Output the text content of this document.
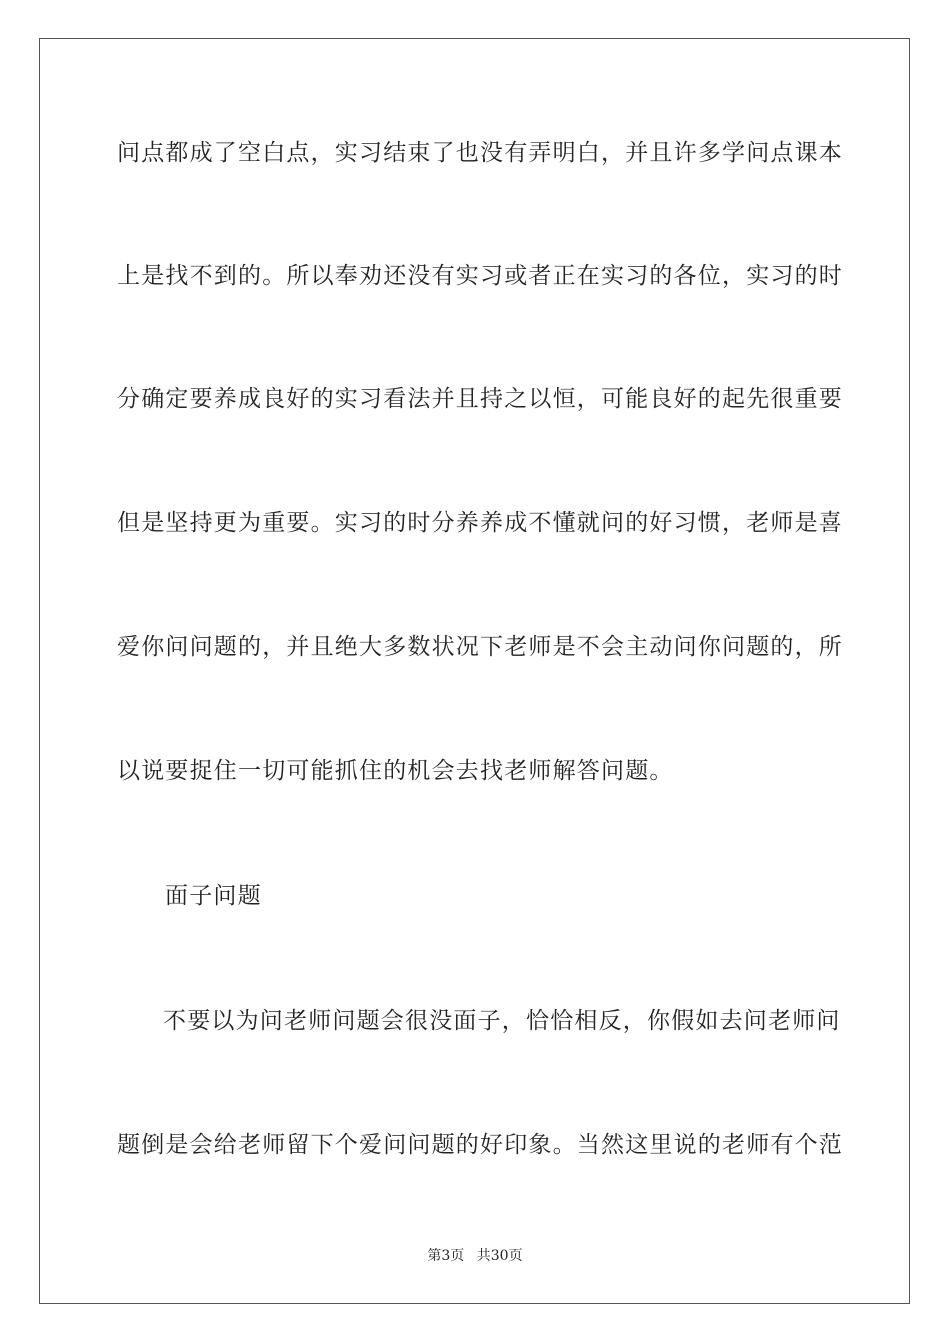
问点都成了空白点，实习结束了也没有弄明白，并且许多学问点课本
上是找不到的。所以奉劝还没有实习或者正在实习的各位，实习的时
分确定要养成良好的实习看法并且持之以恒，可能良好的起先很重要
但是坚持更为重要。实习的时分养养成不懂就问的好习惯，老师是喜
爱你问问题的，并且绝大多数状况下老师是不会主动问你问题的，所
以说要捉住一切可能抓住的机会去找老师解答问题。
面子问题
不要以为问老师问题会很没面子，恰恰相反，你假如去问老师问
题倒是会给老师留下个爱问问题的好印象。当然这里说的老师有个范
第3页 共30页
